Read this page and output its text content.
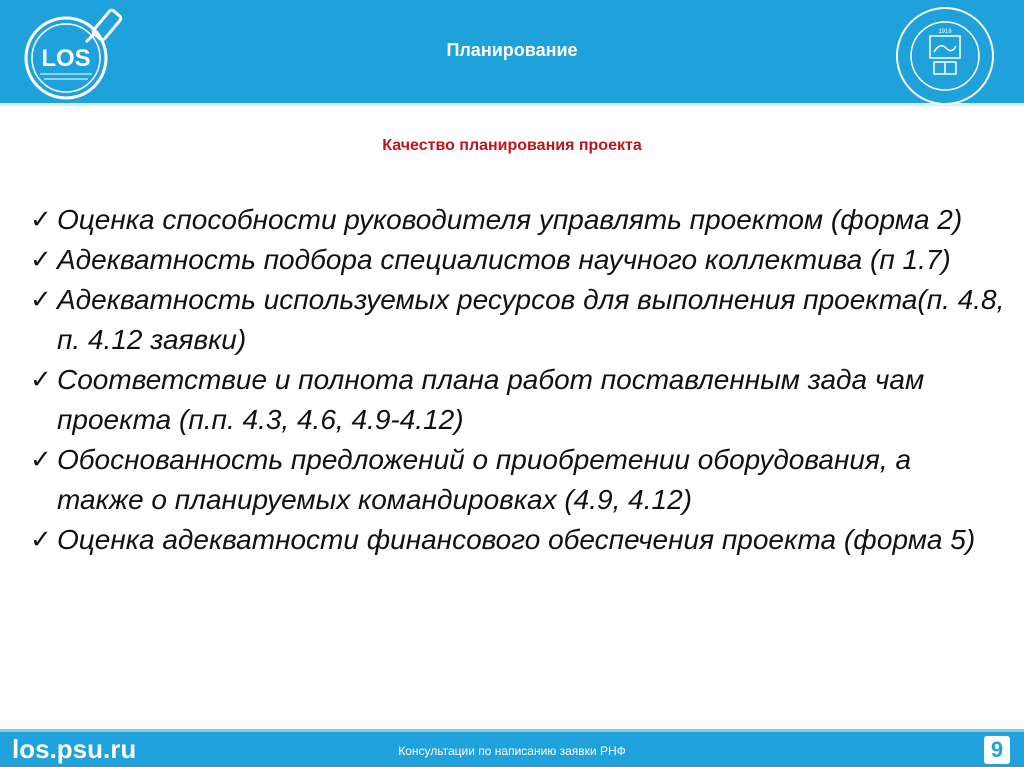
LOS	Планирование
1916
Качество планирования проекта
✓ Оценка способности руководителя управлять проектом (форма 2)
✓ Адекватность подбора специалистов научного коллектива (п 1.7)
✓ Адекватность используемых ресурсов для выполнения проекта(п. 4.8, п. 4.12 заявки)
✓ Соответствие и полнота плана работ поставленным зада чам проекта (п.п. 4.3, 4.6, 4.9-4.12)
✓ Обоснованность предложений о приобретении оборудования, а также о планируемых командировках (4.9, 4.12)
✓ Оценка адекватности финансового обеспечения проекта (форма 5)
los.psu.ru	Консультации по написанию заявки РНФ	9
